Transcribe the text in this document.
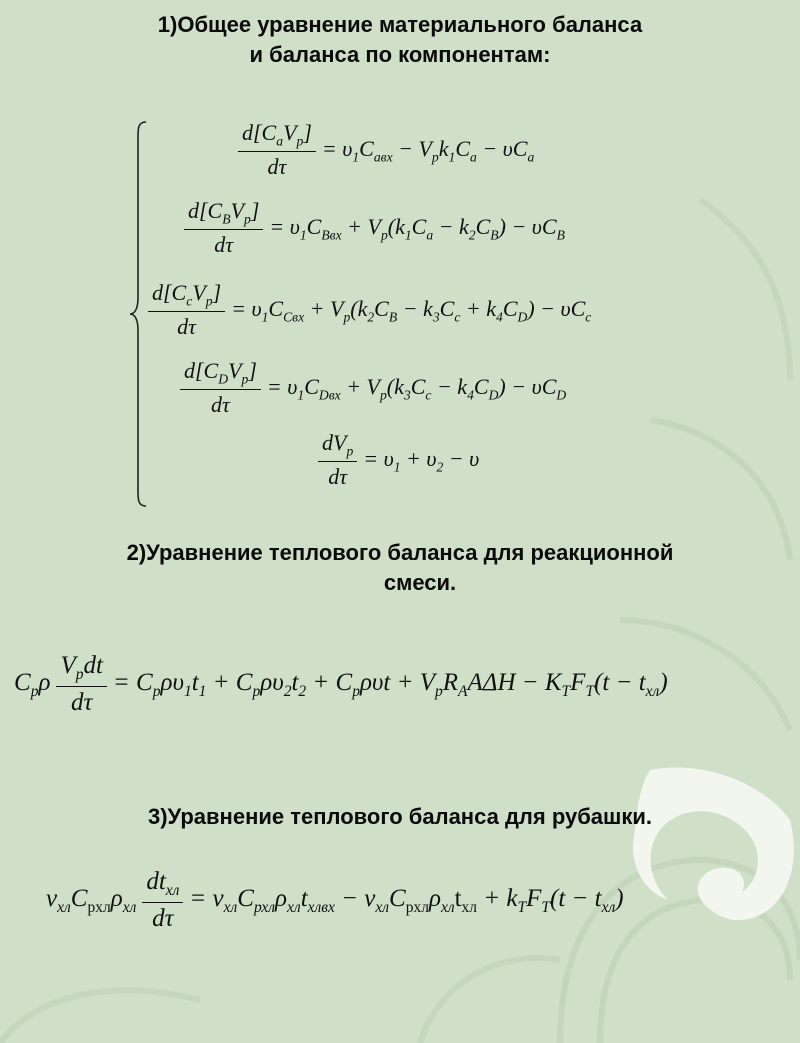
1)Общее уравнение материального баланса
и баланса по компонентам:
$\frac{d[C_aV_p]}{d\tau} = \upsilon_1C_{aвх} - V_pk_1C_a - \upsilon C_a$
$\frac{d[C_BV_p]}{d\tau} = \upsilon_1C_{Bвх} + V_p(k_1C_a - k_2C_B) - \upsilon C_B$
$\frac{d[C_cV_p]}{d\tau} = \upsilon_1C_{Cвх} + V_p(k_2C_B - k_3C_c + k_4C_D) - \upsilon C_c$
$\frac{d[C_DV_p]}{d\tau} = \upsilon_1C_{Dвх} + V_p(k_3C_c - k_4C_D) - \upsilon C_D$
$\frac{dV_p}{d\tau} = \upsilon_1 + \upsilon_2 - \upsilon$
2)Уравнение теплового баланса для реакционной
смеси.
$C_p\rho \frac{V_pdt}{d\tau} = C_p\rho\upsilon_1t_1 + C_p\rho\upsilon_2t_2 + C_p\rho\upsilon t + V_pR_AA\Delta H - K_TF_T(t - t_{хл})$
3)Уравнение теплового баланса для рубашки.
$v_{хл}C_{рхл}\rho_{хл} \frac{dt_{хл}}{d\tau} = v_{хл}C_{рхл}\rho_{хл}t_{хлвх} - v_{хл}C_{рхл}\rho_{хл}t_{хл} + k_TF_T(t - t_{хл})$
